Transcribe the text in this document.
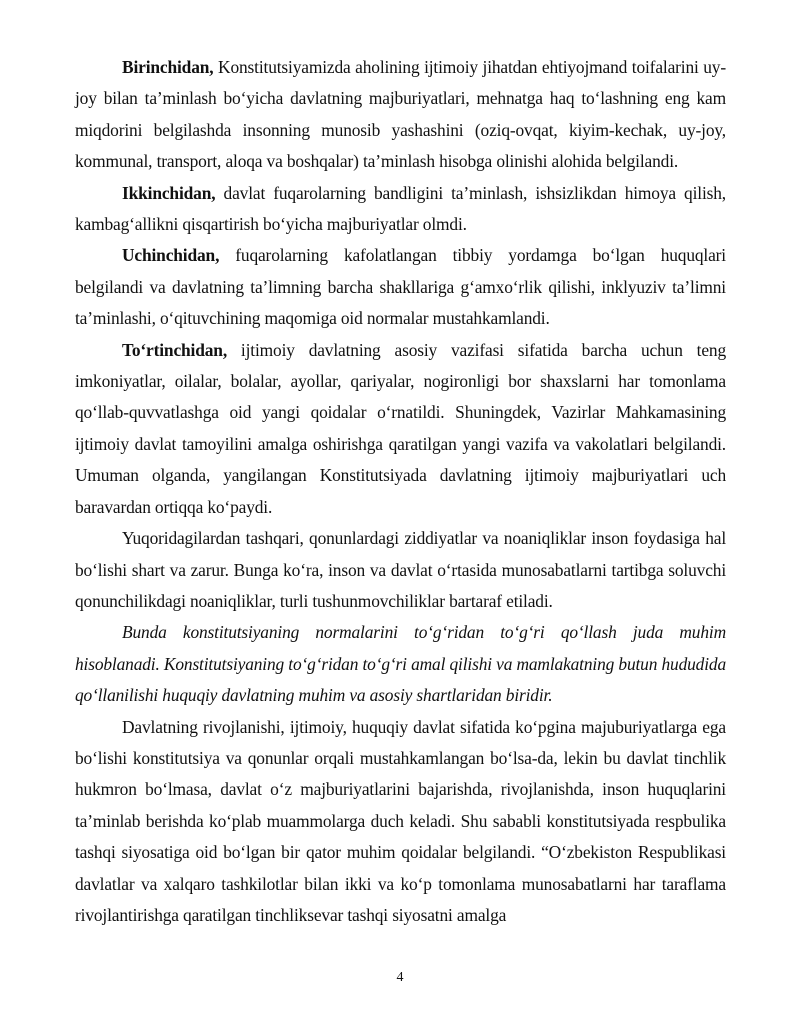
Birinchidan, Konstitutsiyamizda aholining ijtimoiy jihatdan ehtiyojmand toifalarini uy-joy bilan ta’minlash bo‘yicha davlatning majburiyatlari, mehnatga haq to‘lashning eng kam miqdorini belgilashda insonning munosib yashashini (oziq-ovqat, kiyim-kechak, uy-joy, kommunal, transport, aloqa va boshqalar) ta’minlash hisobga olinishi alohida belgilandi.

Ikkinchidan, davlat fuqarolarning bandligini ta’minlash, ishsizlikdan himoya qilish, kambag‘allikni qisqartirish bo‘yicha majburiyatlar olmdi.

Uchinchidan, fuqarolarning kafolatlangan tibbiy yordamga bo‘lgan huquqlari belgilandi va davlatning ta’limning barcha shakllariga g‘amxo‘rlik qilishi, inklyuziv ta’limni ta’minlashi, o‘qituvchining maqomiga oid normalar mustahkamlandi.

To‘rtinchidan, ijtimoiy davlatning asosiy vazifasi sifatida barcha uchun teng imkoniyatlar, oilalar, bolalar, ayollar, qariyalar, nogironligi bor shaxslarni har tomonlama qo‘llab-quvvatlashga oid yangi qoidalar o‘rnatildi. Shuningdek, Vazirlar Mahkamasining ijtimoiy davlat tamoyilini amalga oshirishga qaratilgan yangi vazifa va vakolatlari belgilandi. Umuman olganda, yangilangan Konstitutsiyada davlatning ijtimoiy majburiyatlari uch baravardan ortiqqa ko‘paydi.

Yuqoridagilardan tashqari, qonunlardagi ziddiyatlar va noaniqliklar inson foydasiga hal bo‘lishi shart va zarur. Bunga ko‘ra, inson va davlat o‘rtasida munosabatlarni tartibga soluvchi qonunchilikdagi noaniqliklar, turli tushunmovchiliklar bartaraf etiladi.

Bunda konstitutsiyaning normalarini to‘g‘ridan to‘g‘ri qo‘llash juda muhim hisoblanadi. Konstitutsiyaning to‘g‘ridan to‘g‘ri amal qilishi va mamlakatning butun hududida qo‘llanilishi huquqiy davlatning muhim va asosiy shartlaridan biridir.

Davlatning rivojlanishi, ijtimoiy, huquqiy davlat sifatida ko‘pgina majuburiyatlarga ega bo‘lishi konstitutsiya va qonunlar orqali mustahkamlangan bo‘lsa-da, lekin bu davlat tinchlik hukmron bo‘lmasa, davlat o‘z majburiyatlarini bajarishda, rivojlanishda, inson huquqlarini ta’minlab berishda ko‘plab muammolarga duch keladi. Shu sababli konstitutsiyada respbulika tashqi siyosatiga oid bo‘lgan bir qator muhim qoidalar belgilandi. “O‘zbekiston Respublikasi davlatlar va xalqaro tashkilotlar bilan ikki va ko‘p tomonlama munosabatlarni har taraflama rivojlantirishga qaratilgan tinchliksevar tashqi siyosatni amalga

4
